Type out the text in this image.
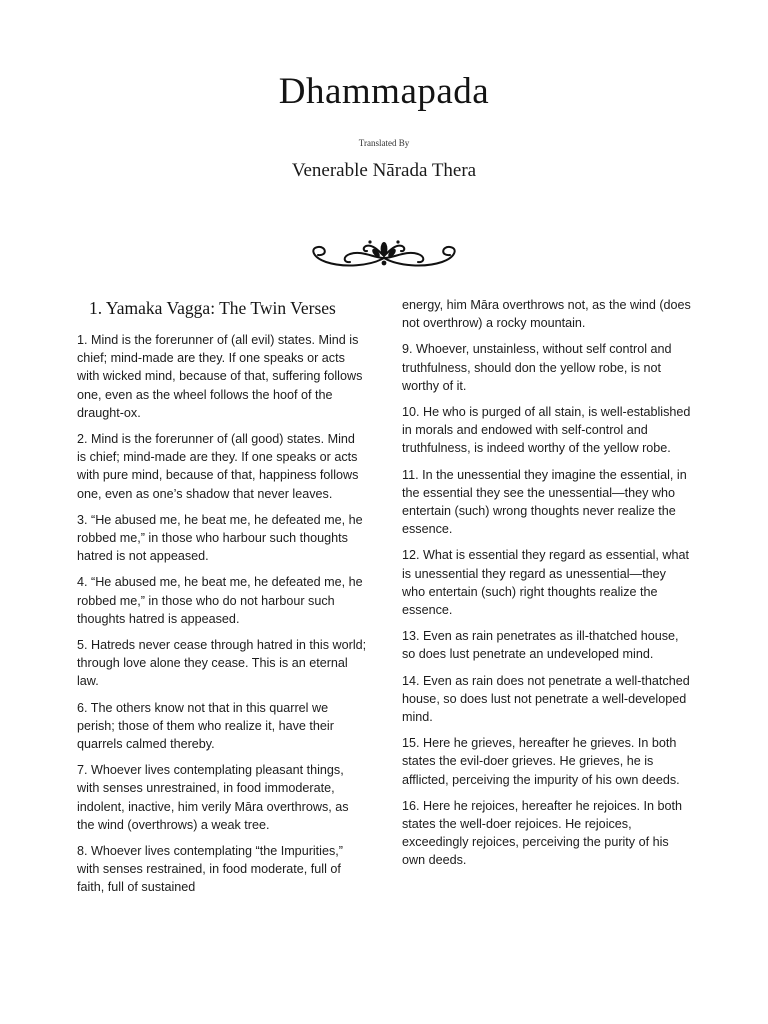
Dhammapada
Translated By
Venerable Nārada Thera
1. Yamaka Vagga: The Twin Verses

1. Mind is the forerunner of (all evil) states. Mind is chief; mind-made are they. If one speaks or acts with wicked mind, because of that, suffering follows one, even as the wheel follows the hoof of the draught-ox.

2. Mind is the forerunner of (all good) states. Mind is chief; mind-made are they. If one speaks or acts with pure mind, because of that, happiness follows one, even as one’s shadow that never leaves.

3. “He abused me, he beat me, he defeated me, he robbed me,” in those who harbour such thoughts hatred is not appeased.

4. “He abused me, he beat me, he defeated me, he robbed me,” in those who do not harbour such thoughts hatred is appeased.

5. Hatreds never cease through hatred in this world; through love alone they cease. This is an eternal law.

6. The others know not that in this quarrel we perish; those of them who realize it, have their quarrels calmed thereby.

7. Whoever lives contemplating pleasant things, with senses unrestrained, in food immoderate, indolent, inactive, him verily Māra overthrows, as the wind (overthrows) a weak tree.

8. Whoever lives contemplating “the Impurities,” with senses restrained, in food moderate, full of faith, full of sustained

energy, him Māra overthrows not, as the wind (does not overthrow) a rocky mountain.

9. Whoever, unstainless, without self control and truthfulness, should don the yellow robe, is not worthy of it.

10. He who is purged of all stain, is well-established in morals and endowed with self-control and truthfulness, is indeed worthy of the yellow robe.

11. In the unessential they imagine the essential, in the essential they see the unessential—they who entertain (such) wrong thoughts never realize the essence.

12. What is essential they regard as essential, what is unessential they regard as unessential—they who entertain (such) right thoughts realize the essence.

13. Even as rain penetrates as ill-thatched house, so does lust penetrate an undeveloped mind.

14. Even as rain does not penetrate a well-thatched house, so does lust not penetrate a well-developed mind.

15. Here he grieves, hereafter he grieves. In both states the evil-doer grieves. He grieves, he is afflicted, perceiving the impurity of his own deeds.

16. Here he rejoices, hereafter he rejoices. In both states the well-doer rejoices. He rejoices, exceedingly rejoices, perceiving the purity of his own deeds.
